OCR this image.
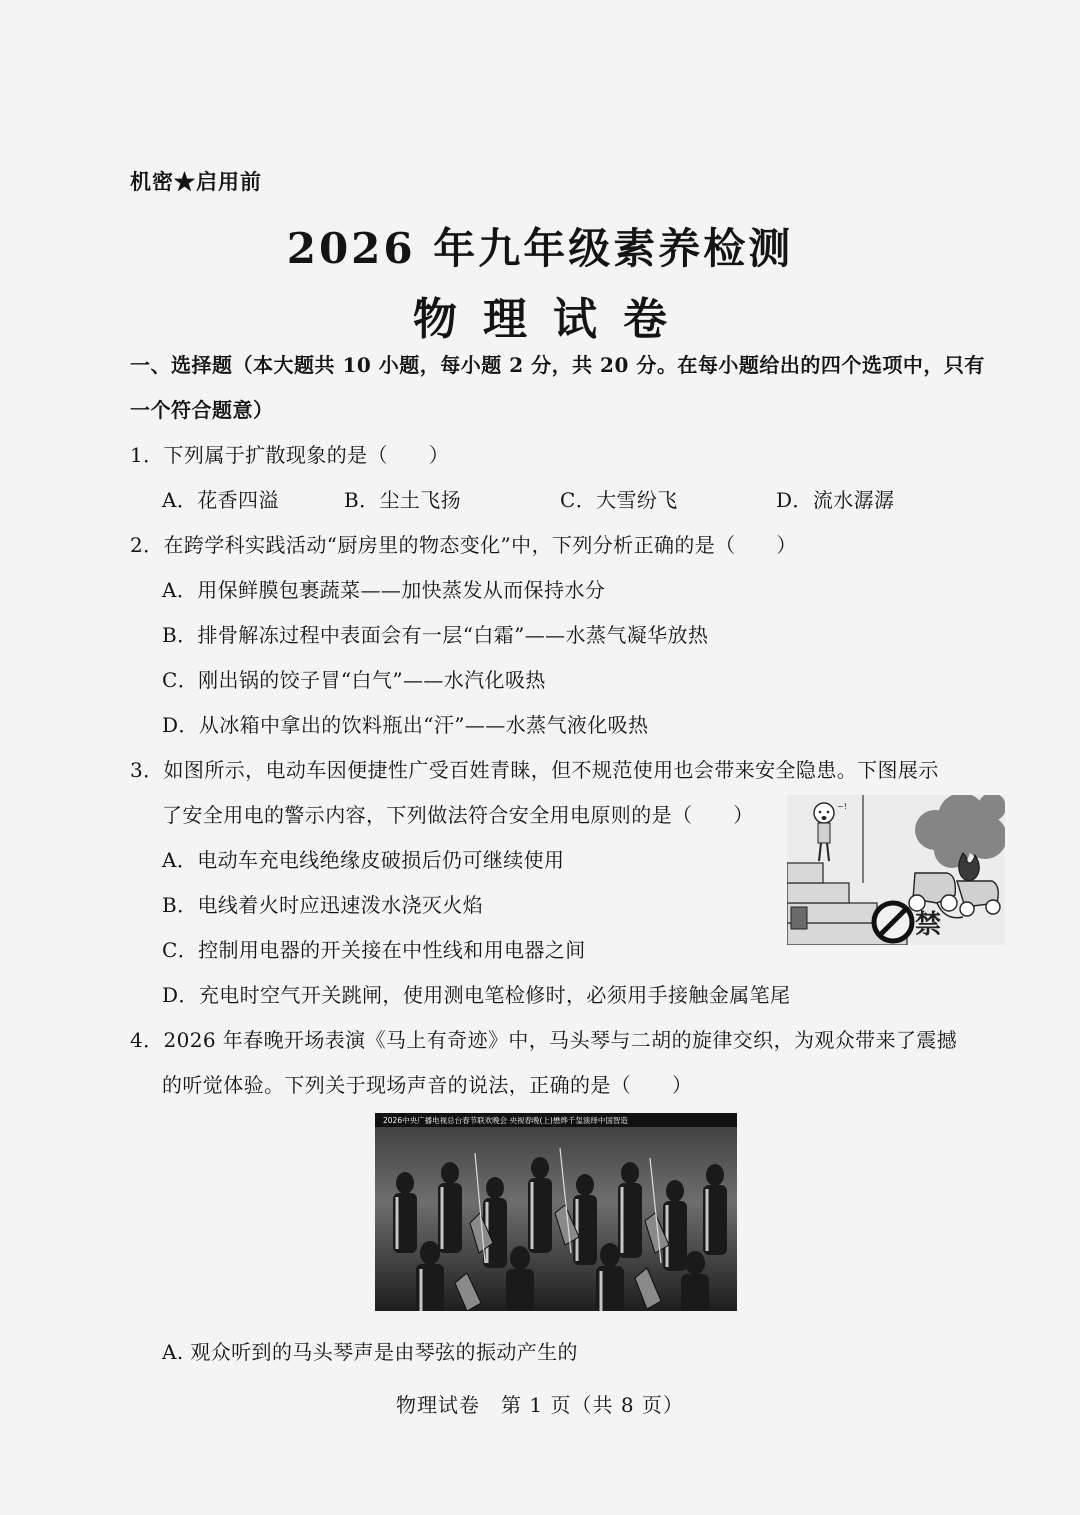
机密★启用前
2026 年九年级素养检测
物理试卷
一、选择题（本大题共 10 小题，每小题 2 分，共 20 分。在每小题给出的四个选项中，只有
一个符合题意）
1．下列属于扩散现象的是（　　）
A．花香四溢	B．尘土飞扬	C．大雪纷飞	D．流水潺潺
2．在跨学科实践活动“厨房里的物态变化”中，下列分析正确的是（　　）
A．用保鲜膜包裹蔬菜——加快蒸发从而保持水分
B．排骨解冻过程中表面会有一层“白霜”——水蒸气凝华放热
C．刚出锅的饺子冒“白气”——水汽化吸热
D．从冰箱中拿出的饮料瓶出“汗”——水蒸气液化吸热
3．如图所示，电动车因便捷性广受百姓青睐，但不规范使用也会带来安全隐患。下图展示
了安全用电的警示内容，下列做法符合安全用电原则的是（　　）
A．电动车充电线绝缘皮破损后仍可继续使用
B．电线着火时应迅速泼水浇灭火焰
C．控制用电器的开关接在中性线和用电器之间
D．充电时空气开关跳闸，使用测电笔检修时，必须用手接触金属笔尾
~!
禁
4．2026 年春晚开场表演《马上有奇迹》中，马头琴与二胡的旋律交织，为观众带来了震撼
的听觉体验。下列关于现场声音的说法，正确的是（　　）
2026中央广播电视总台春节联欢晚会 央视春晚(上)懋烨千玺演绎中国智造
A. 观众听到的马头琴声是由琴弦的振动产生的
物理试卷　第 1 页（共 8 页）
